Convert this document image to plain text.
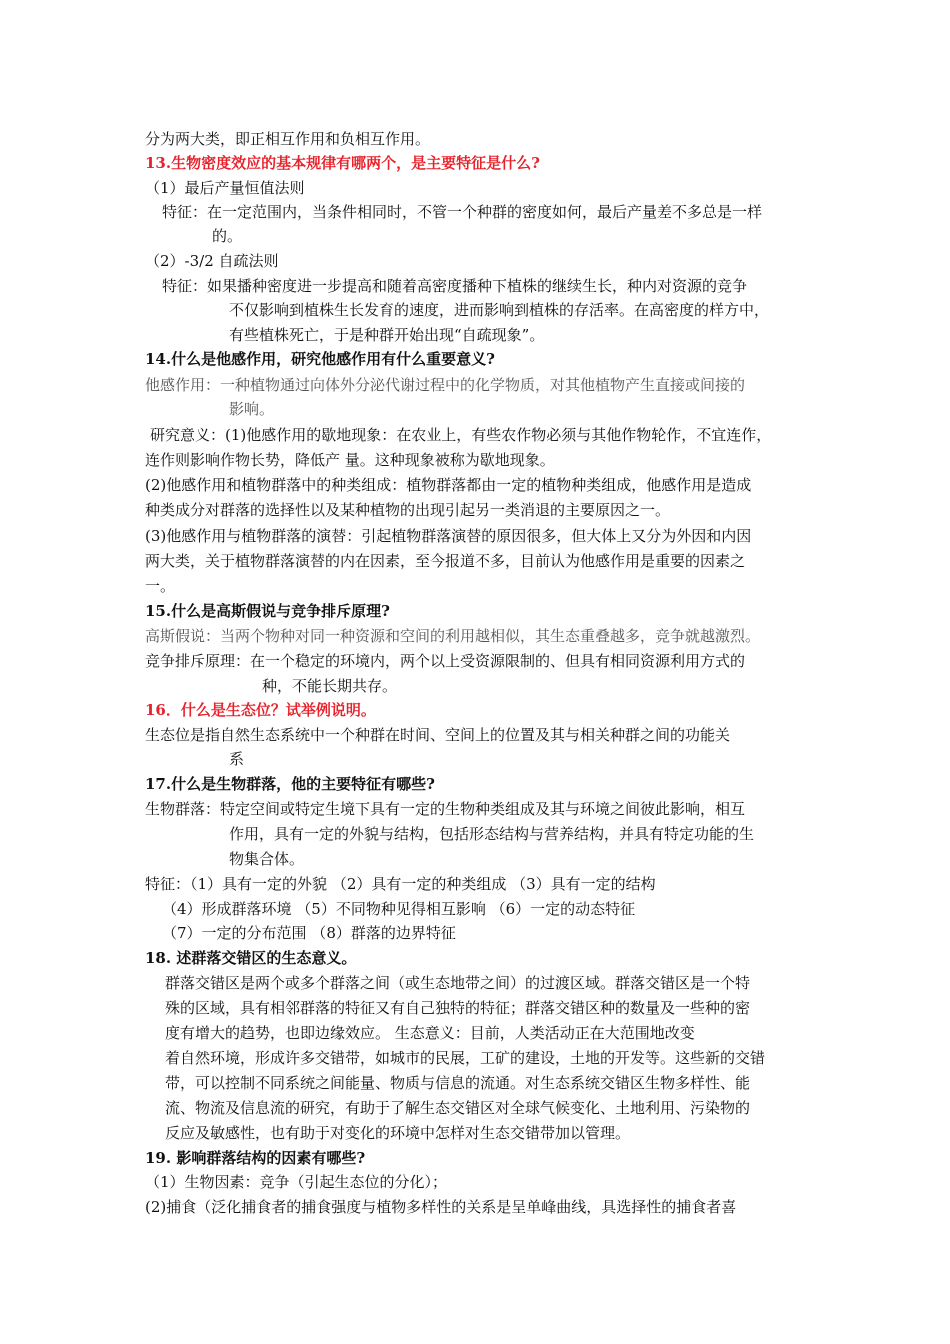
分为两大类，即正相互作用和负相互作用。
13.生物密度效应的基本规律有哪两个，是主要特征是什么?
（1）最后产量恒值法则
特征：在一定范围内，当条件相同时，不管一个种群的密度如何，最后产量差不多总是一样
的。
（2）-3/2 自疏法则
特征：如果播种密度进一步提高和随着高密度播种下植株的继续生长，种内对资源的竞争
不仅影响到植株生长发育的速度，进而影响到植株的存活率。在高密度的样方中，
有些植株死亡，于是种群开始出现“自疏现象”。
14.什么是他感作用，研究他感作用有什么重要意义?
他感作用：一种植物通过向体外分泌代谢过程中的化学物质，对其他植物产生直接或间接的
影响。
研究意义：(1)他感作用的歇地现象：在农业上，有些农作物必须与其他作物轮作，不宜连作，
连作则影响作物长势，降低产 量。这种现象被称为歇地现象。
(2)他感作用和植物群落中的种类组成：植物群落都由一定的植物种类组成，他感作用是造成
种类成分对群落的选择性以及某种植物的出现引起另一类消退的主要原因之一。
(3)他感作用与植物群落的演替：引起植物群落演替的原因很多，但大体上又分为外因和内因
两大类，关于植物群落演替的内在因素，至今报道不多，目前认为他感作用是重要的因素之
一。
15.什么是高斯假说与竞争排斥原理?
高斯假说：当两个物种对同一种资源和空间的利用越相似，其生态重叠越多，竞争就越激烈。
竞争排斥原理：在一个稳定的环境内，两个以上受资源限制的、但具有相同资源利用方式的
种，不能长期共存。
16．什么是生态位？试举例说明。
生态位是指自然生态系统中一个种群在时间、空间上的位置及其与相关种群之间的功能关
系
17.什么是生物群落，他的主要特征有哪些?
生物群落：特定空间或特定生境下具有一定的生物种类组成及其与环境之间彼此影响，相互
作用，具有一定的外貌与结构，包括形态结构与营养结构，并具有特定功能的生
物集合体。
特征：（1）具有一定的外貌 （2）具有一定的种类组成 （3）具有一定的结构
（4）形成群落环境 （5）不同物种见得相互影响 （6）一定的动态特征
（7）一定的分布范围 （8）群落的边界特征
18. 述群落交错区的生态意义。
群落交错区是两个或多个群落之间（或生态地带之间）的过渡区域。群落交错区是一个特
殊的区域，具有相邻群落的特征又有自己独特的特征；群落交错区种的数量及一些种的密
度有增大的趋势，也即边缘效应。 生态意义：目前，人类活动正在大范围地改变
着自然环境，形成许多交错带，如城市的民展，工矿的建设，土地的开发等。这些新的交错
带，可以控制不同系统之间能量、物质与信息的流通。对生态系统交错区生物多样性、能
流、物流及信息流的研究，有助于了解生态交错区对全球气候变化、土地利用、污染物的
反应及敏感性，也有助于对变化的环境中怎样对生态交错带加以管理。
19. 影响群落结构的因素有哪些?
（1）生物因素：竞争（引起生态位的分化）；
(2)捕食（泛化捕食者的捕食强度与植物多样性的关系是呈单峰曲线，具选择性的捕食者喜
